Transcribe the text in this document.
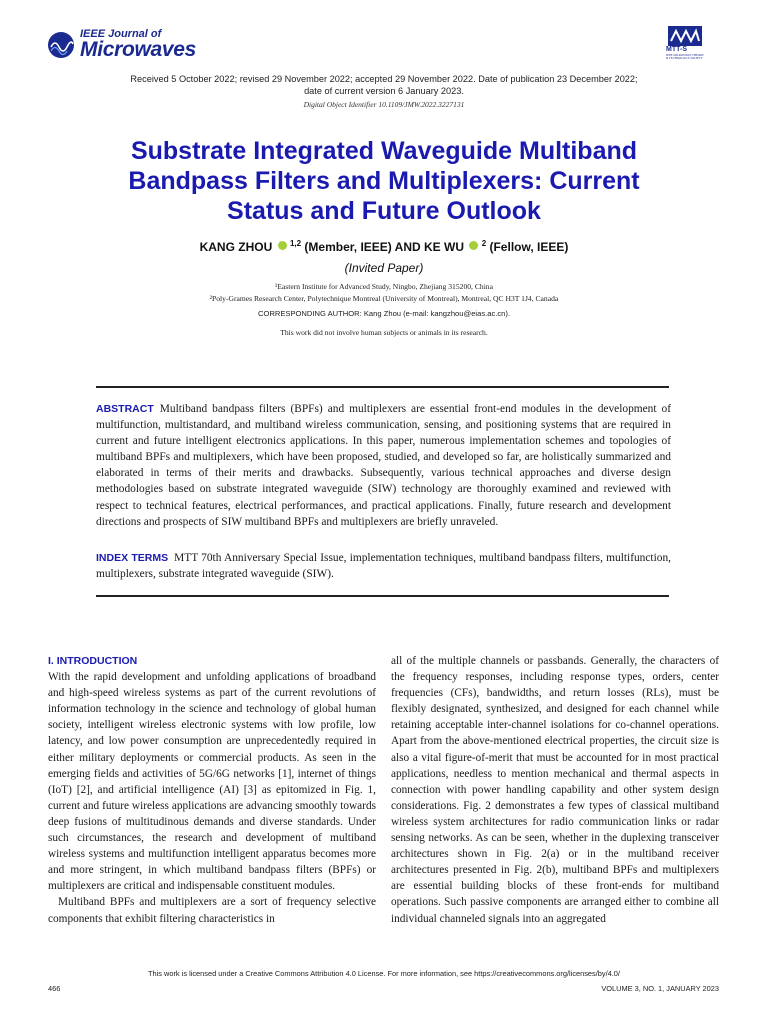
IEEE Journal of
Microwaves	MTT-S
IEEE MICROWAVE THEORY & TECHNOLOGY SOCIETY
Received 5 October 2022; revised 29 November 2022; accepted 29 November 2022. Date of publication 23 December 2022;
date of current version 6 January 2023.
Digital Object Identifier 10.1109/JMW.2022.3227131
Substrate Integrated Waveguide Multiband
Bandpass Filters and Multiplexers: Current
Status and Future Outlook
KANG ZHOU $^{1,2}$ (Member, IEEE) AND KE WU $^2$ (Fellow, IEEE)
(Invited Paper)
¹Eastern Institute for Advanced Study, Ningbo, Zhejiang 315200, China
²Poly-Grames Research Center, Polytechnique Montreal (University of Montreal), Montreal, QC H3T 1J4, Canada
CORRESPONDING AUTHOR: Kang Zhou (e-mail: kangzhou@eias.ac.cn).
This work did not involve human subjects or animals in its research.
ABSTRACT Multiband bandpass filters (BPFs) and multiplexers are essential front-end modules in the development of multifunction, multistandard, and multiband wireless communication, sensing, and positioning systems that are required in current and future intelligent electronics applications. In this paper, numerous implementation schemes and topologies of multiband BPFs and multiplexers, which have been proposed, studied, and developed so far, are holistically summarized and elaborated in terms of their merits and drawbacks. Subsequently, various technical approaches and diverse design methodologies based on substrate integrated waveguide (SIW) technology are thoroughly examined and reviewed with respect to technical features, electrical performances, and practical applications. Finally, future research and development directions and prospects of SIW multiband BPFs and multiplexers are briefly unraveled.
INDEX TERMS MTT 70th Anniversary Special Issue, implementation techniques, multiband bandpass filters, multifunction, multiplexers, substrate integrated waveguide (SIW).
I. INTRODUCTION

With the rapid development and unfolding applications of broadband and high-speed wireless systems as part of the current revolutions of information technology in the science and technology of global human society, intelligent wireless electronic systems with low profile, low latency, and low power consumption are unprecedentedly required in either military deployments or commercial products. As seen in the emerging fields and activities of 5G/6G networks [1], internet of things (IoT) [2], and artificial intelligence (AI) [3] as epitomized in Fig. 1, current and future wireless applications are advancing smoothly towards deep fusions of multitudinous demands and diverse standards. Under such circumstances, the research and development of multiband wireless systems and multifunction intelligent apparatus becomes more and more stringent, in which multiband bandpass filters (BPFs) or multiplexers are critical and indispensable constituent modules.

Multiband BPFs and multiplexers are a sort of frequency selective components that exhibit filtering characteristics in

all of the multiple channels or passbands. Generally, the characters of the frequency responses, including response types, orders, center frequencies (CFs), bandwidths, and return losses (RLs), must be flexibly designated, synthesized, and designed for each channel while retaining acceptable inter-channel isolations for co-channel operations. Apart from the above-mentioned electrical properties, the circuit size is also a vital figure-of-merit that must be accounted for in most practical applications, needless to mention mechanical and thermal aspects in connection with power handling capability and other system design considerations. Fig. 2 demonstrates a few types of classical multiband wireless system architectures for radio communication links or radar sensing networks. As can be seen, whether in the duplexing transceiver architectures shown in Fig. 2(a) or in the multiband receiver architectures presented in Fig. 2(b), multiband BPFs and multiplexers are essential building blocks of these front-ends for multiband operations. Such passive components are arranged either to combine all individual channeled signals into an aggregated

This work is licensed under a Creative Commons Attribution 4.0 License. For more information, see https://creativecommons.org/licenses/by/4.0/
466	VOLUME 3, NO. 1, JANUARY 2023
